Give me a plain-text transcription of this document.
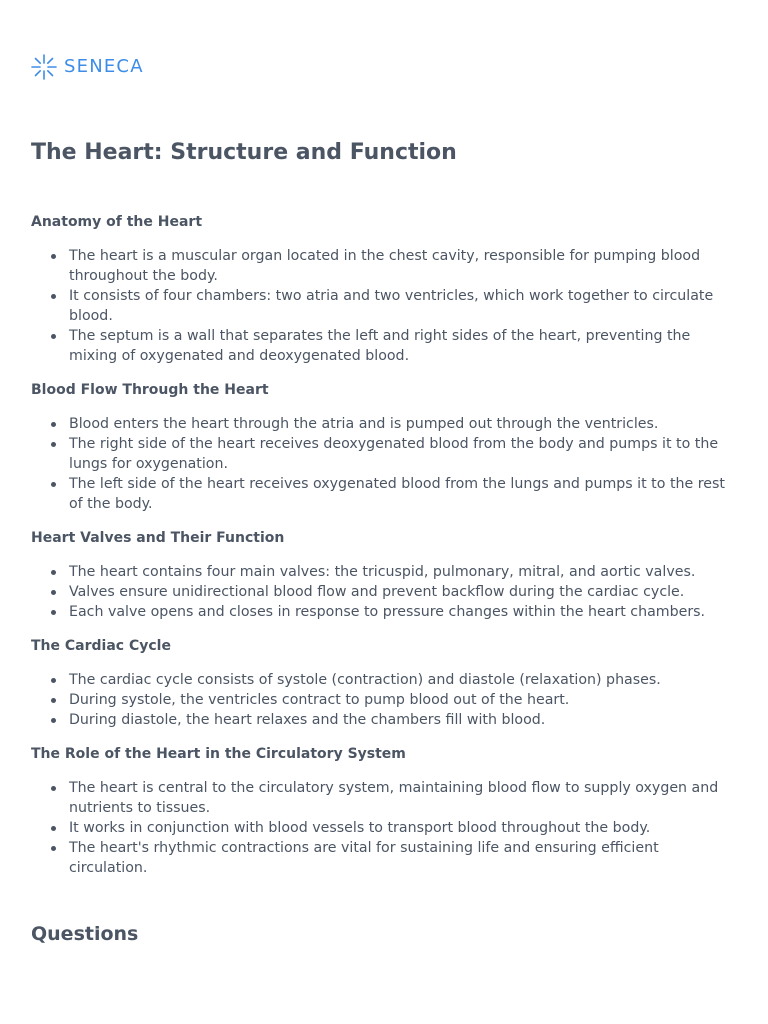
SENECA
The Heart: Structure and Function
Anatomy of the Heart
The heart is a muscular organ located in the chest cavity, responsible for pumping blood throughout the body.
It consists of four chambers: two atria and two ventricles, which work together to circulate blood.
The septum is a wall that separates the left and right sides of the heart, preventing the mixing of oxygenated and deoxygenated blood.
Blood Flow Through the Heart
Blood enters the heart through the atria and is pumped out through the ventricles.
The right side of the heart receives deoxygenated blood from the body and pumps it to the lungs for oxygenation.
The left side of the heart receives oxygenated blood from the lungs and pumps it to the rest of the body.
Heart Valves and Their Function
The heart contains four main valves: the tricuspid, pulmonary, mitral, and aortic valves.
Valves ensure unidirectional blood flow and prevent backflow during the cardiac cycle.
Each valve opens and closes in response to pressure changes within the heart chambers.
The Cardiac Cycle
The cardiac cycle consists of systole (contraction) and diastole (relaxation) phases.
During systole, the ventricles contract to pump blood out of the heart.
During diastole, the heart relaxes and the chambers fill with blood.
The Role of the Heart in the Circulatory System
The heart is central to the circulatory system, maintaining blood flow to supply oxygen and nutrients to tissues.
It works in conjunction with blood vessels to transport blood throughout the body.
The heart's rhythmic contractions are vital for sustaining life and ensuring efficient circulation.
Questions
